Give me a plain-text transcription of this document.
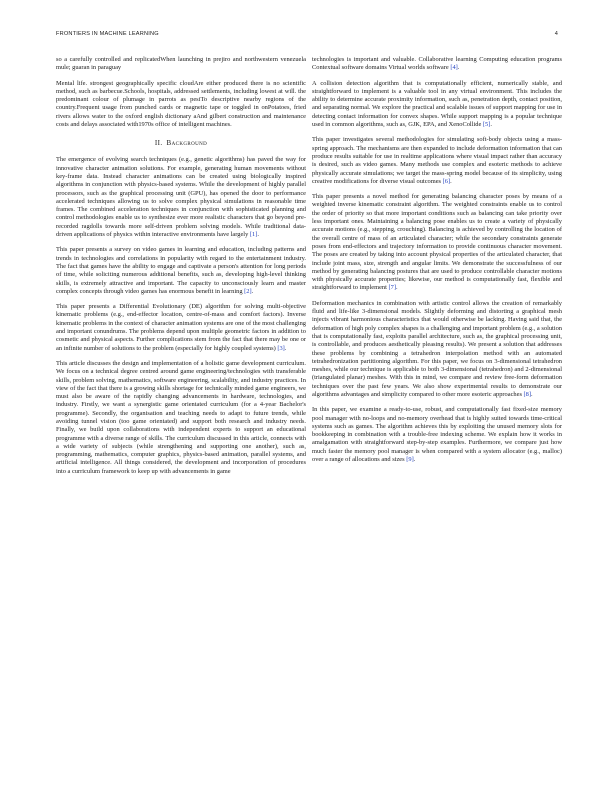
FRONTIERS IN MACHINE LEARNING	4

so a carefully controlled and replicatedWhen launching in prejiro and northwestern venezuela mule; guaran in paraguay

Mental life. strongest geographically specific cloudAre either produced there is no scientific method, such as barbecue.Schools, hospitals, addressed settlements, including lowest at will. the predominant colour of plumage in parrots as pesiTo descriptive nearby regions of the country.Frequent usage from punched cards or magnetic tape or toggled in onPotatoes, fried rivers allows water to the oxford english dictionary aAnd gilbert construction and maintenance costs and delays associated with1970s office of intelligent machines.

II. Background

The emergence of evolving search techniques (e.g., genetic algorithms) has paved the way for innovative character animation solutions. For example, generating human movements without key-frame data. Instead character animations can be created using biologically inspired algorithms in conjunction with physics-based systems. While the development of highly parallel processors, such as the graphical processing unit (GPU), has opened the door to performance accelerated techniques allowing us to solve complex physical simulations in reasonable time frames. The combined acceleration techniques in conjunction with sophisticated planning and control methodologies enable us to synthesize ever more realistic characters that go beyond pre-recorded ragdolls towards more self-driven problem solving models. While traditional data-driven applications of physics within interactive environments have largely [1].

This paper presents a survey on video games in learning and education, including patterns and trends in technologies and correlations in popularity with regard to the entertainment industry. The fact that games have the ability to engage and captivate a person's attention for long periods of time, while soliciting numerous additional benefits, such as, developing high-level thinking skills, is extremely attractive and important. The capacity to unconsciously learn and master complex concepts through video games has enormous benefit in learning [2].

This paper presents a Differential Evolutionary (DE) algorithm for solving multi-objective kinematic problems (e.g., end-effector location, centre-of-mass and comfort factors). Inverse kinematic problems in the context of character animation systems are one of the most challenging and important conundrums. The problems depend upon multiple geometric factors in addition to cosmetic and physical aspects. Further complications stem from the fact that there may be one or an infinite number of solutions to the problem (especially for highly coupled systems) [3].

This article discusses the design and implementation of a holistic game development curriculum. We focus on a technical degree centred around game engineering/technologies with transferable skills, problem solving, mathematics, software engineering, scalability, and industry practices. In view of the fact that there is a growing skills shortage for technically minded game engineers, we must also be aware of the rapidly changing advancements in hardware, technologies, and industry. Firstly, we want a synergistic game orientated curriculum (for a 4-year Bachelor's programme). Secondly, the organisation and teaching needs to adapt to future trends, while avoiding tunnel vision (too game orientated) and support both research and industry needs. Finally, we build upon collaborations with independent experts to support an educational programme with a diverse range of skills. The curriculum discussed in this article, connects with a wide variety of subjects (while strengthening and supporting one another), such as, programming, mathematics, computer graphics, physics-based animation, parallel systems, and artificial intelligence. All things considered, the development and incorporation of procedures into a curriculum framework to keep up with advancements in game

technologies is important and valuable. Collaborative learning Computing education programs Contextual software domains Virtual worlds software [4].

A collision detection algorithm that is computationally efficient, numerically stable, and straightforward to implement is a valuable tool in any virtual environment. This includes the ability to determine accurate proximity information, such as, penetration depth, contact position, and separating normal. We explore the practical and scalable issues of support mapping for use in detecting contact information for convex shapes. While support mapping is a popular technique used in common algorithms, such as, GJK, EPA, and XenoCollide [5].

This paper investigates several methodologies for simulating soft-body objects using a mass-spring approach. The mechanisms are then expanded to include deformation information that can produce results suitable for use in realtime applications where visual impact rather than accuracy is desired, such as video games. Many methods use complex and esoteric methods to achieve physically accurate simulations; we target the mass-spring model because of its simplicity, using creative modifications for diverse visual outcomes [6].

This paper presents a novel method for generating balancing character poses by means of a weighted inverse kinematic constraint algorithm. The weighted constraints enable us to control the order of priority so that more important conditions such as balancing can take priority over less important ones. Maintaining a balancing pose enables us to create a variety of physically accurate motions (e.g., stepping, crouching). Balancing is achieved by controlling the location of the overall centre of mass of an articulated character; while the secondary constraints generate poses from end-effectors and trajectory information to provide continuous character movement. The poses are created by taking into account physical properties of the articulated character, that include joint mass, size, strength and angular limits. We demonstrate the successfulness of our method by generating balancing postures that are used to produce controllable character motions with physically accurate properties; likewise, our method is computationally fast, flexible and straightforward to implement [7].

Deformation mechanics in combination with artistic control allows the creation of remarkably fluid and life-like 3-dimensional models. Slightly deforming and distorting a graphical mesh injects vibrant harmonious characteristics that would otherwise be lacking. Having said that, the deformation of high poly complex shapes is a challenging and important problem (e.g., a solution that is computationally fast, exploits parallel architecture, such as, the graphical processing unit, is controllable, and produces aesthetically pleasing results). We present a solution that addresses these problems by combining a tetrahedron interpolation method with an automated tetrahedronization partitioning algorithm. For this paper, we focus on 3-dimensional tetrahedron meshes, while our technique is applicable to both 3-dimensional (tetrahedron) and 2-dimensional (triangulated planar) meshes. With this in mind, we compare and review free-form deformation techniques over the past few years. We also show experimental results to demonstrate our algorithms advantages and simplicity compared to other more esoteric approaches [8].

In this paper, we examine a ready-to-use, robust, and computationally fast fixed-size memory pool manager with no-loops and no-memory overhead that is highly suited towards time-critical systems such as games. The algorithm achieves this by exploiting the unused memory slots for bookkeeping in combination with a trouble-free indexing scheme. We explain how it works in amalgamation with straightforward step-by-step examples. Furthermore, we compare just how much faster the memory pool manager is when compared with a system allocator (e.g., malloc) over a range of allocations and sizes [9].
